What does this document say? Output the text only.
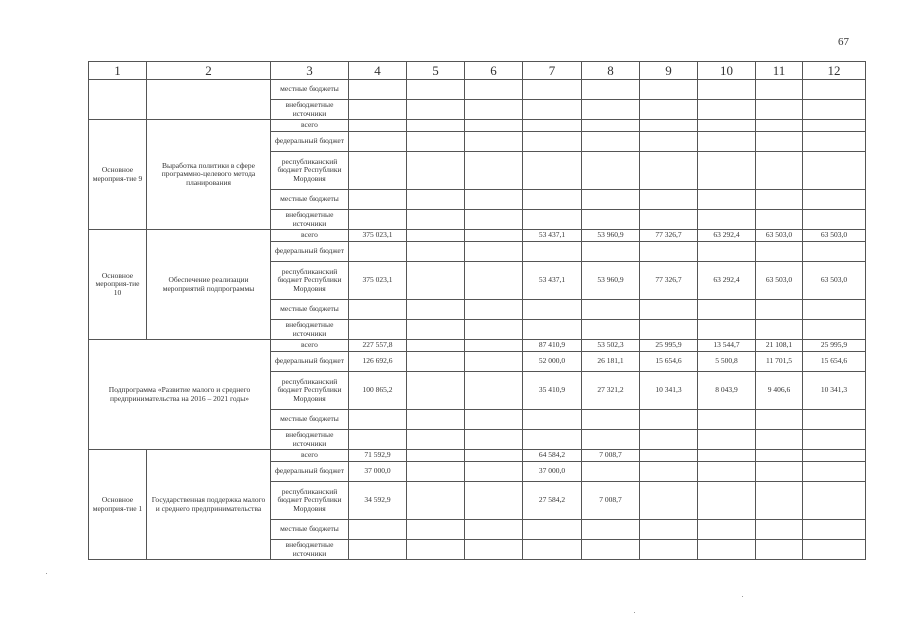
67
1	2	3	4	5	6	7	8	9	10	11	12
		местные бюджеты									
		внебюджетные источники									
Основное мероприя-тие 9	Выработка политики в сфере программно-целевого метода планирования	всего									
		федеральный бюджет									
		республиканский бюджет Республики Мордовия									
		местные бюджеты									
		внебюджетные источники									
Основное мероприя-тие 10	Обеспечение реализации мероприятий подпрограммы	всего	375 023,1			53 437,1	53 960,9	77 326,7	63 292,4	63 503,0	63 503,0
		федеральный бюджет									
		республиканский бюджет Республики Мордовия	375 023,1			53 437,1	53 960,9	77 326,7	63 292,4	63 503,0	63 503,0
		местные бюджеты									
		внебюджетные источники									
Подпрограмма «Развитие малого и среднего предпринимательства на 2016 – 2021 годы»		всего	227 557,8			87 410,9	53 502,3	25 995,9	13 544,7	21 108,1	25 995,9
		федеральный бюджет	126 692,6			52 000,0	26 181,1	15 654,6	5 500,8	11 701,5	15 654,6
		республиканский бюджет Республики Мордовия	100 865,2			35 410,9	27 321,2	10 341,3	8 043,9	9 406,6	10 341,3
		местные бюджеты									
		внебюджетные источники									
Основное мероприя-тие 1	Государственная поддержка малого и среднего предпринимательства	всего	71 592,9			64 584,2	7 008,7				
		федеральный бюджет	37 000,0			37 000,0					
		республиканский бюджет Республики Мордовия	34 592,9			27 584,2	7 008,7				
		местные бюджеты									
		внебюджетные источники									
